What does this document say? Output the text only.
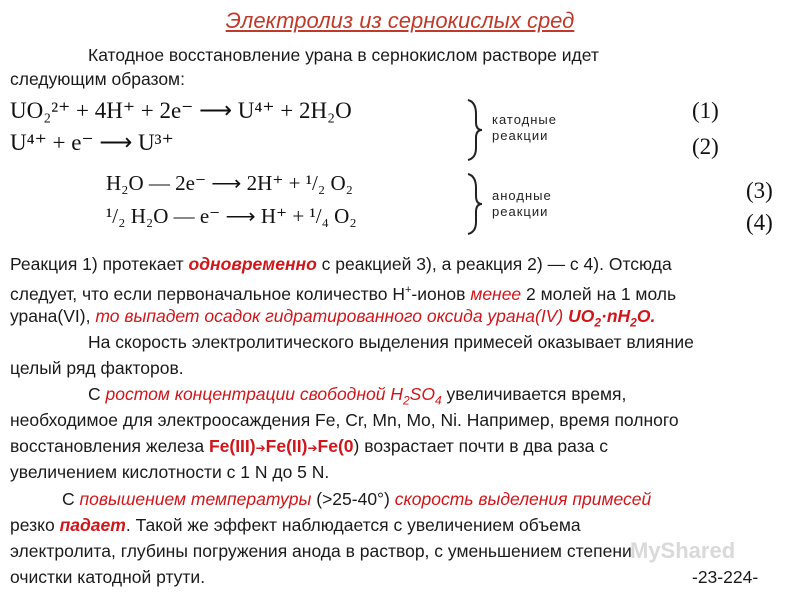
Электролиз из сернокислых сред
Катодное восстановление урана в сернокислом растворе идет
следующим образом:
UO₂²⁺ + 4H⁺ + 2e⁻ ⟶ U⁴⁺ + 2H₂O
U⁴⁺ + e⁻ ⟶ U³⁺
катодные
реакции
(1)
(2)
H₂O — 2e⁻ ⟶ 2H⁺ + ¹/₂ O₂
¹/₂ H₂O — e⁻ ⟶ H⁺ + ¹/₄ O₂
анодные
реакции
(3)
(4)
Реакция 1) протекает одновременно с реакцией 3), а реакция 2) — с 4). Отсюда
следует, что если первоначальное количество Н+-ионов менее 2 молей на 1 моль
урана(VI), то выпадет осадок гидратированного оксида урана(IV) $UO_2\cdot nH_2O$.
На скорость электролитического выделения примесей оказывает влияние
целый ряд факторов.
С ростом концентрации свободной $H_2SO_4$ увеличивается время,
необходимое для электроосаждения Fe, Cr, Mn, Mo, Ni. Например, время полного
восстановления железа Fe(III)➔Fe(II)➔Fe(0) возрастает почти в два раза с
увеличением кислотности с 1 N до 5 N.
С повышением температуры (>25-40°) скорость выделения примесей
резко падает. Такой же эффект наблюдается с увеличением объема
электролита, глубины погружения анода в раствор, с уменьшением степени
очистки катодной ртути.	-23-224-
MyShared
